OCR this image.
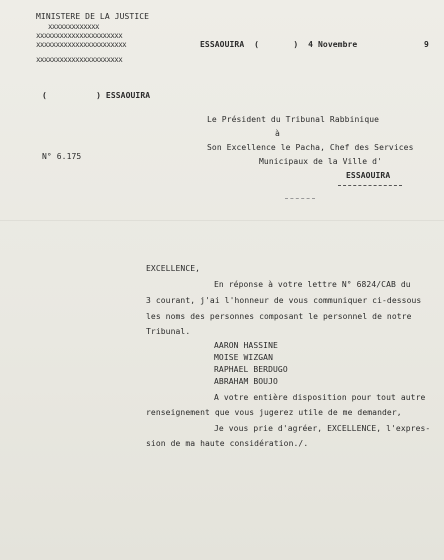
MINISTERE DE LA JUSTICE
xxxxxxxxxxxxx
xxxxxxxxxxxxxxxxxxxxxx
xxxxxxxxxxxxxxxxxxxxxxx
xxxxxxxxxxxxxxxxxxxxxx
ESSAOUIRA  (       )  4 Novembre	9
(          ) ESSAOUIRA
N° 6.175
Le Président du Tribunal Rabbinique
à
Son Excellence le Pacha, Chef des Services
Municipaux de la Ville d'
ESSAOUIRA
EXCELLENCE,
En réponse à votre lettre N° 6824/CAB du
3 courant, j'ai l'honneur de vous communiquer ci-dessous
les noms des personnes composant le personnel de notre
Tribunal.
AARON HASSINE
MOISE WIZGAN
RAPHAEL BERDUGO
ABRAHAM BOUJO
A votre entière disposition pour tout autre
renseignement que vous jugerez utile de me demander,
Je vous prie d'agréer, EXCELLENCE, l'expres-
sion de ma haute considération./.
